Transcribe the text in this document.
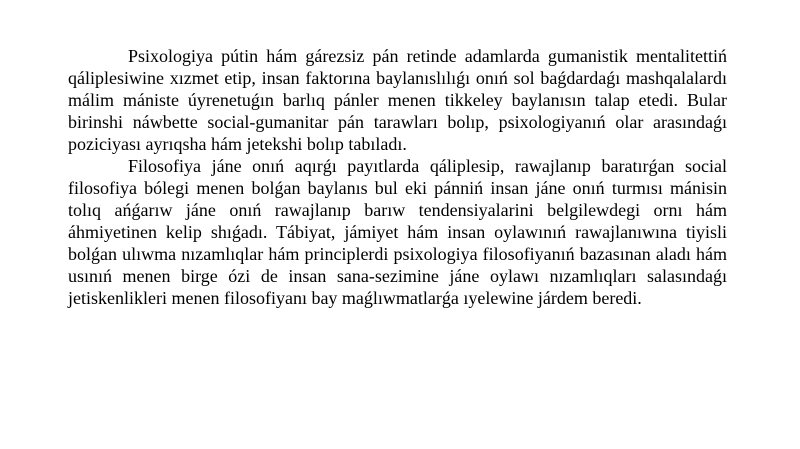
Psixologiya pútin hám gárezsiz pán retinde adamlarda gumanistik mentalitettiń qáliplesiwine xızmet etip, insan faktorına baylanıslılıǵı onıń sol baǵdardaǵı mashqalalardı málim mániste úyrenetuǵın barlıq pánler menen tikkeley baylanısın talap etedi. Bular birinshi náwbette social-gumanitar pán tarawları bolıp, psixologiyanıń olar arasındaǵı poziciyası ayrıqsha hám jetekshi bolıp tabıladı.

Filosofiya jáne onıń aqırǵı payıtlarda qáliplesip, rawajlanıp baratırǵan social filosofiya bólegi menen bolǵan baylanıs bul eki pánniń insan jáne onıń turmısı mánisin tolıq ańǵarıw jáne onıń rawajlanıp barıw tendensiyalarini belgilewdegi ornı hám áhmiyetinen kelip shıǵadı. Tábiyat, jámiyet hám insan oylawınıń rawajlanıwına tiyisli bolǵan ulıwma nızamlıqlar hám principlerdi psixologiya filosofiyanıń bazasınan aladı hám usınıń menen birge ózi de insan sana-sezimine jáne oylawı nızamlıqları salasındaǵı jetiskenlikleri menen filosofiyanı bay maǵlıwmatlarǵa ıyelewine járdem beredi.
